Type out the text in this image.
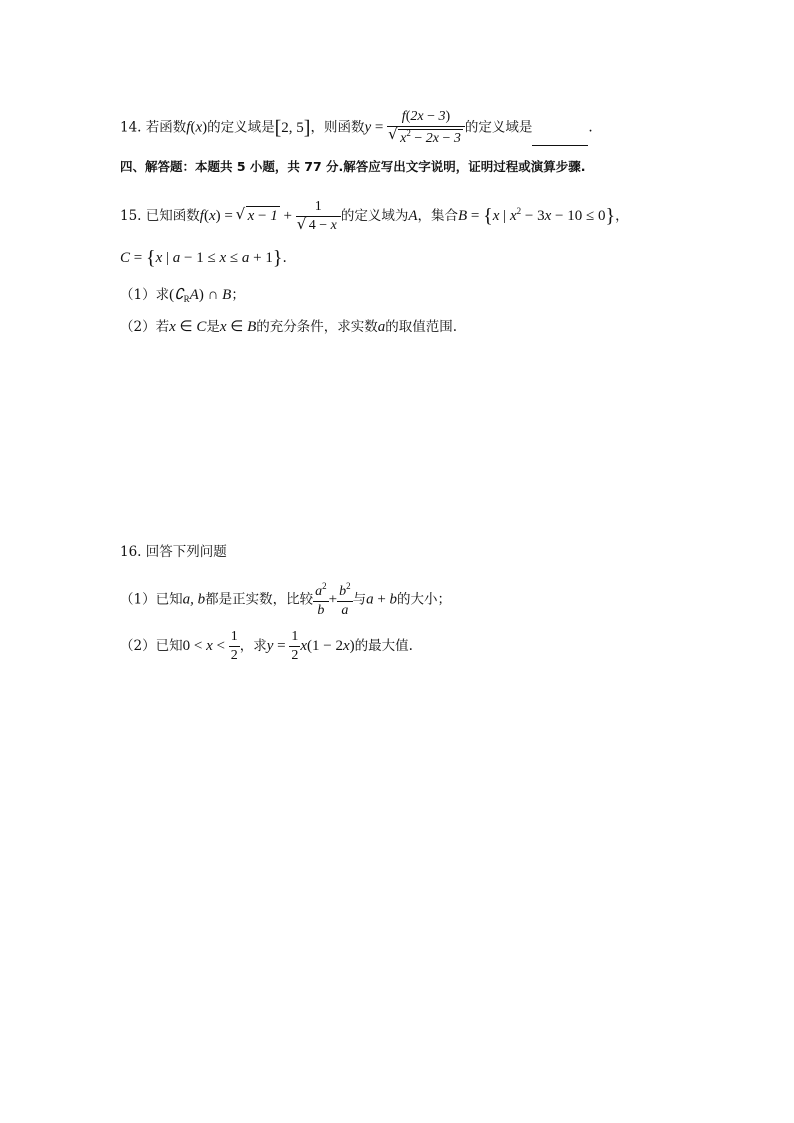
14. 若函数f(x)的定义域是[2, 5]，则函数y = f(2x − 3)
√ $x^2 - 2x - 3$ 的定义域是	.
四、解答题：本题共 5 小题，共 77 分.解答应写出文字说明，证明过程或演算步骤.
15. 已知函数f(x) = √ x − 1 + 1
√ 4 − x 的定义域为A，集合B = {x | $x^2 - 3x - 10 \le 0$}，
C = {x | a − 1 ≤ x ≤ a + 1}.
（1）求$(∁_RA)$ ∩ B；
（2）若x ∈ C是x ∈ B的充分条件，求实数a的取值范围.
16. 回答下列问题
（1）已知a, b都是正实数，比较 $\frac{a^2}{b} + \frac{b^2}{a}$ 与a + b的大小；
（2）已知$0 < x < \frac{1}{2}$ ，求$y = \frac{1}{2} x(1 - 2x)$的最大值.
